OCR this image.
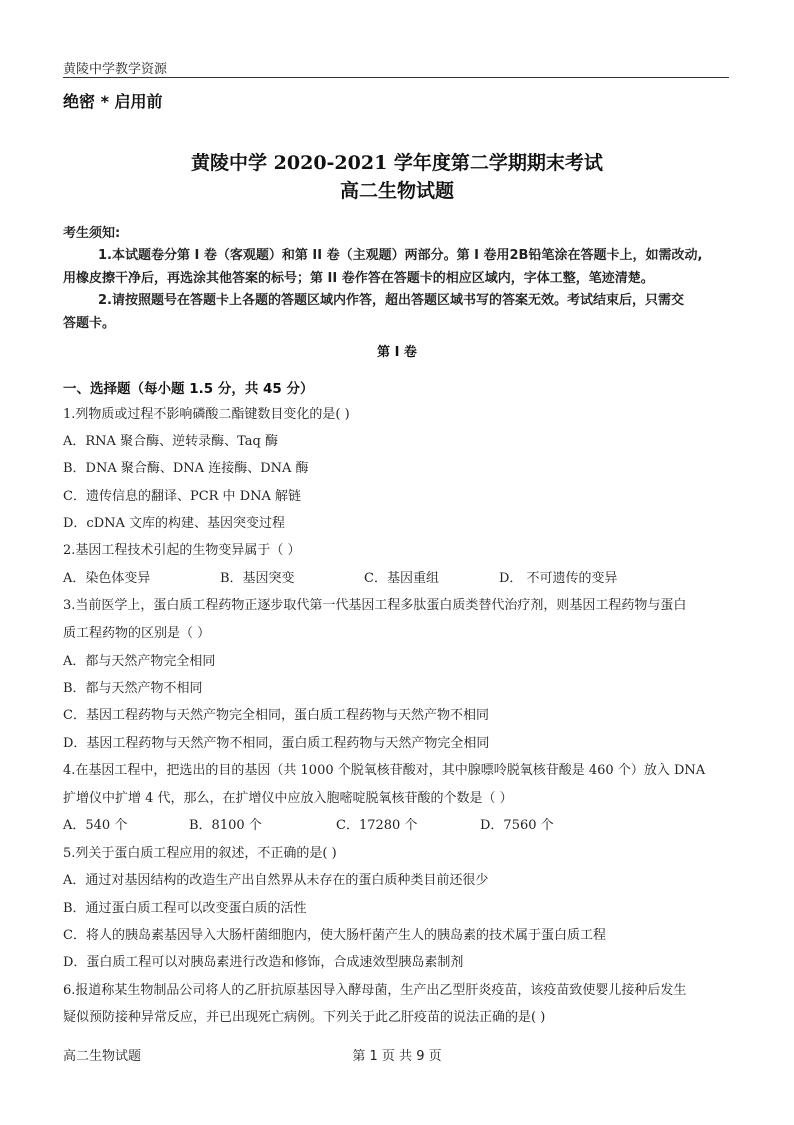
黄陵中学教学资源
绝密 * 启用前
黄陵中学 2020-2021 学年度第二学期期末考试
高二生物试题
考生须知:
1.本试题卷分第 I 卷（客观题）和第 II 卷（主观题）两部分。第 I 卷用2B铅笔涂在答题卡上，如需改动,
用橡皮擦干净后，再选涂其他答案的标号；第 II 卷作答在答题卡的相应区域内，字体工整，笔迹清楚。
2.请按照题号在答题卡上各题的答题区域内作答，超出答题区域书写的答案无效。考试结束后，只需交
答题卡。
第 I 卷
一、选择题（每小题 1.5 分，共 45 分）
1.列物质或过程不影响磷酸二酯键数目变化的是( )
A．RNA 聚合酶、逆转录酶、Taq 酶
B．DNA 聚合酶、DNA 连接酶、DNA 酶
C．遗传信息的翻译、PCR 中 DNA 解链
D．cDNA 文库的构建、基因突变过程
2.基因工程技术引起的生物变异属于（ ）
A．染色体变异	B．基因突变	C．基因重组	D． 不可遗传的变异
3.当前医学上，蛋白质工程药物正逐步取代第一代基因工程多肽蛋白质类替代治疗剂，则基因工程药物与蛋白
质工程药物的区别是（ ）
A．都与天然产物完全相同
B．都与天然产物不相同
C．基因工程药物与天然产物完全相同，蛋白质工程药物与天然产物不相同
D．基因工程药物与天然产物不相同，蛋白质工程药物与天然产物完全相同
4.在基因工程中，把选出的目的基因（共 1000 个脱氧核苷酸对，其中腺嘌呤脱氧核苷酸是 460 个）放入 DNA
扩增仪中扩增 4 代，那么，在扩增仪中应放入胞嘧啶脱氧核苷酸的个数是（ ）
A．540 个	B．8100 个	C．17280 个	D．7560 个
5.列关于蛋白质工程应用的叙述，不正确的是( )
A．通过对基因结构的改造生产出自然界从未存在的蛋白质种类目前还很少
B．通过蛋白质工程可以改变蛋白质的活性
C．将人的胰岛素基因导入大肠杆菌细胞内，使大肠杆菌产生人的胰岛素的技术属于蛋白质工程
D．蛋白质工程可以对胰岛素进行改造和修饰，合成速效型胰岛素制剂
6.报道称某生物制品公司将人的乙肝抗原基因导入酵母菌，生产出乙型肝炎疫苗，该疫苗致使婴儿接种后发生
疑似预防接种异常反应，并已出现死亡病例。下列关于此乙肝疫苗的说法正确的是( )
高二生物试题	第 1 页 共 9 页
